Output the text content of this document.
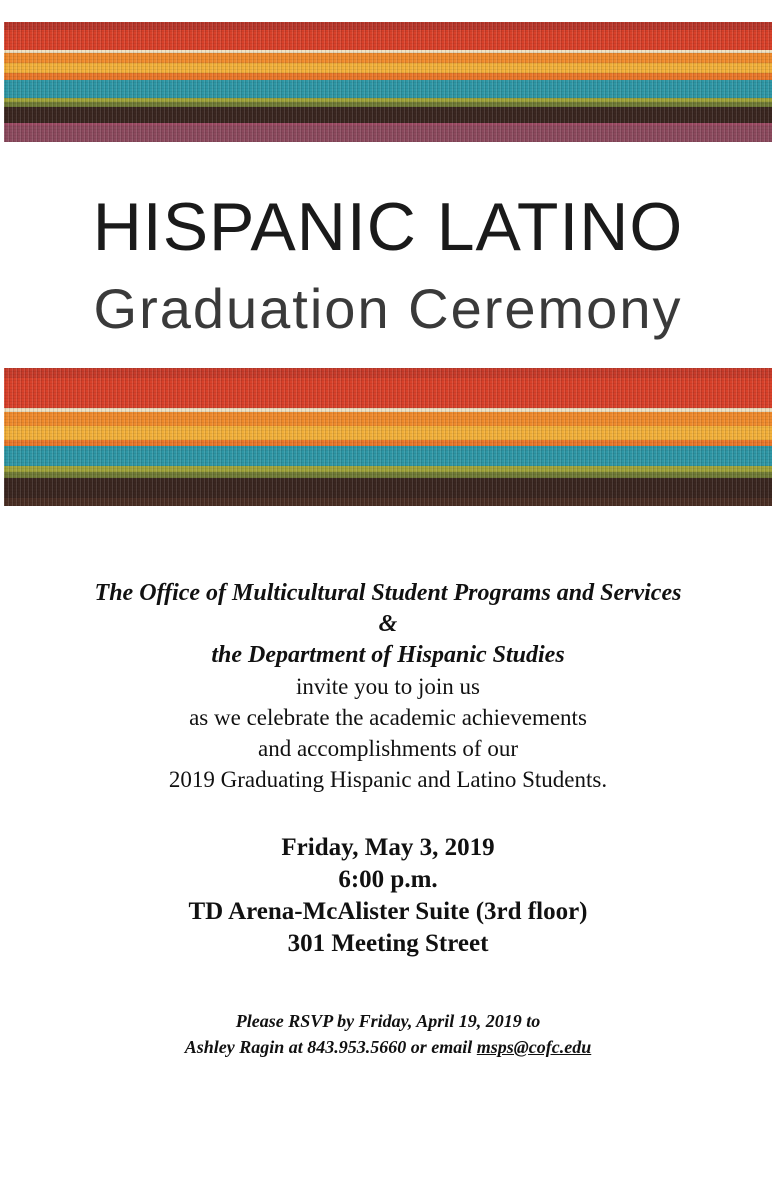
HISPANIC LATINO
Graduation Ceremony
The Office of Multicultural Student Programs and Services
&
the Department of Hispanic Studies
invite you to join us
as we celebrate the academic achievements
and accomplishments of our
2019 Graduating Hispanic and Latino Students.
Friday, May 3, 2019
6:00 p.m.
TD Arena-McAlister Suite (3rd floor)
301 Meeting Street
Please RSVP by Friday, April 19, 2019 to
Ashley Ragin at 843.953.5660 or email msps@cofc.edu
